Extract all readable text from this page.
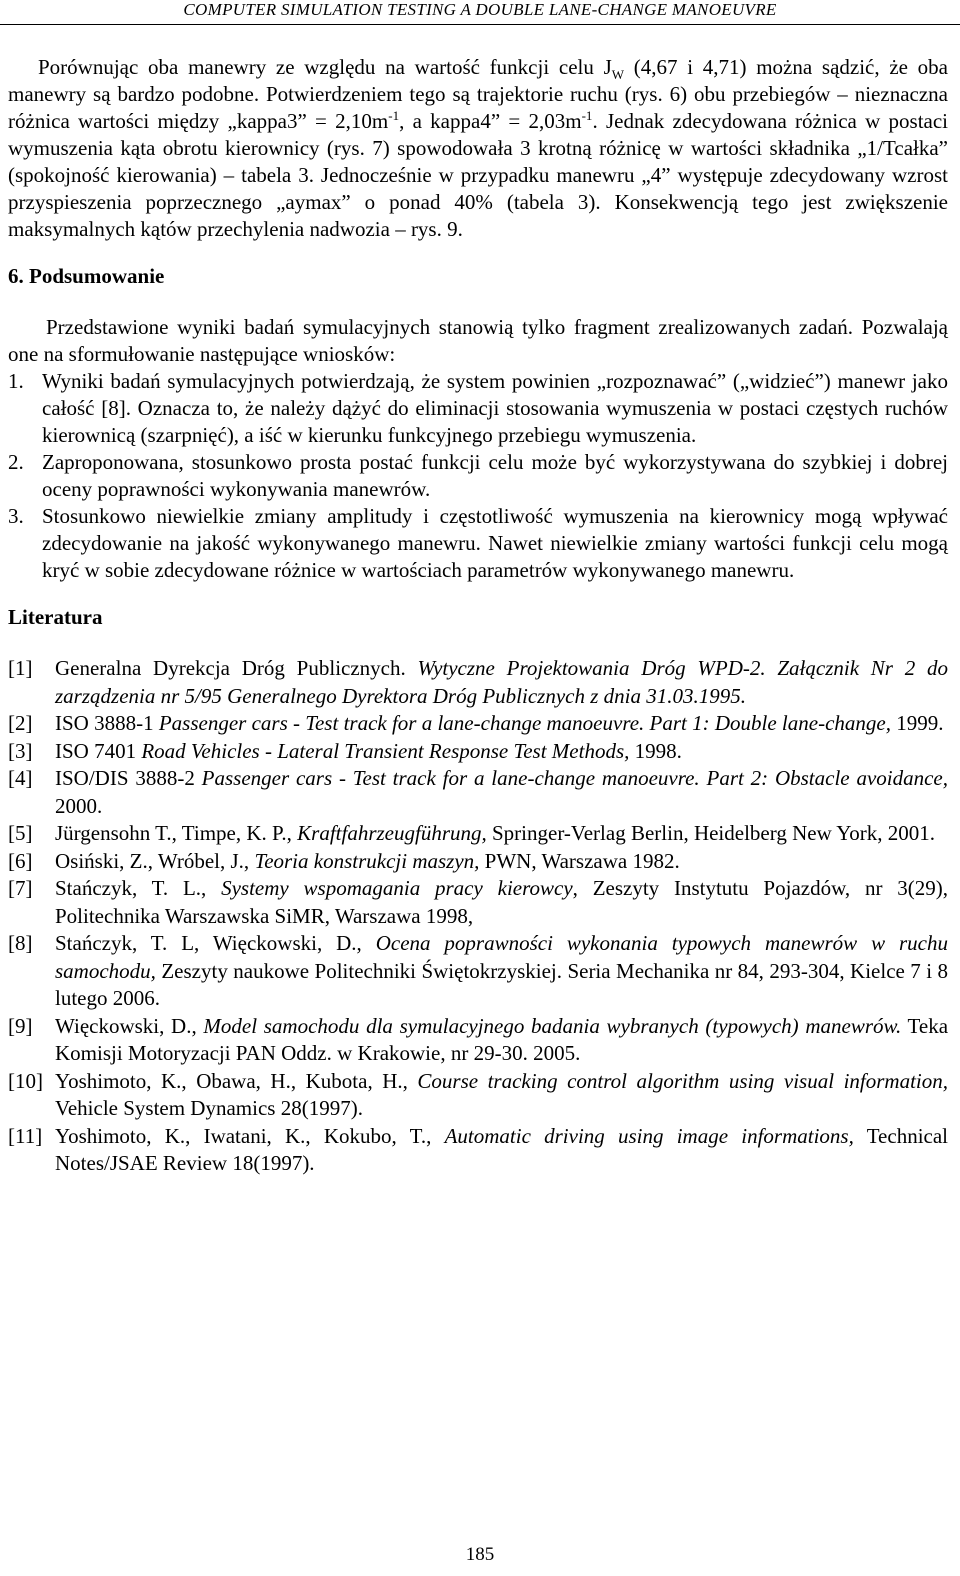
COMPUTER SIMULATION TESTING A DOUBLE LANE-CHANGE MANOEUVRE

Porównując oba manewry ze względu na wartość funkcji celu $J_W$ (4,67 i 4,71) można sądzić, że oba manewry są bardzo podobne. Potwierdzeniem tego są trajektorie ruchu (rys. 6) obu przebiegów – nieznaczna różnica wartości między „kappa3” = $2,10m^{-1}$, a kappa4” = $2,03m^{-1}$. Jednak zdecydowana różnica w postaci wymuszenia kąta obrotu kierownicy (rys. 7) spowodowała 3 krotną różnicę w wartości składnika „1/Tcałka” (spokojność kierowania) – tabela 3. Jednocześnie w przypadku manewru „4” występuje zdecydowany wzrost przyspieszenia poprzecznego „aymax” o ponad 40% (tabela 3). Konsekwencją tego jest zwiększenie maksymalnych kątów przechylenia nadwozia – rys. 9.

6. Podsumowanie

Przedstawione wyniki badań symulacyjnych stanowią tylko fragment zrealizowanych zadań. Pozwalają one na sformułowanie następujące wniosków:

1. Wyniki badań symulacyjnych potwierdzają, że system powinien „rozpoznawać” („widzieć”) manewr jako całość [8]. Oznacza to, że należy dążyć do eliminacji stosowania wymuszenia w postaci częstych ruchów kierownicą (szarpnięć), a iść w kierunku funkcyjnego przebiegu wymuszenia.
2. Zaproponowana, stosunkowo prosta postać funkcji celu może być wykorzystywana do szybkiej i dobrej oceny poprawności wykonywania manewrów.
3. Stosunkowo niewielkie zmiany amplitudy i częstotliwość wymuszenia na kierownicy mogą wpływać zdecydowanie na jakość wykonywanego manewru. Nawet niewielkie zmiany wartości funkcji celu mogą kryć w sobie zdecydowane różnice w wartościach parametrów wykonywanego manewru.
Literatura
[1] Generalna Dyrekcja Dróg Publicznych. Wytyczne Projektowania Dróg WPD-2. Załącznik Nr 2 do zarządzenia nr 5/95 Generalnego Dyrektora Dróg Publicznych z dnia 31.03.1995.
[2] ISO 3888-1 Passenger cars - Test track for a lane-change manoeuvre. Part 1: Double lane-change, 1999.
[3] ISO 7401 Road Vehicles - Lateral Transient Response Test Methods, 1998.
[4] ISO/DIS 3888-2 Passenger cars - Test track for a lane-change manoeuvre. Part 2: Obstacle avoidance, 2000.
[5] Jürgensohn T., Timpe, K. P., Kraftfahrzeugführung, Springer-Verlag Berlin, Heidelberg New York, 2001.
[6] Osiński, Z., Wróbel, J., Teoria konstrukcji maszyn, PWN, Warszawa 1982.
[7] Stańczyk, T. L., Systemy wspomagania pracy kierowcy, Zeszyty Instytutu Pojazdów, nr 3(29), Politechnika Warszawska SiMR, Warszawa 1998,
[8] Stańczyk, T. L, Więckowski, D., Ocena poprawności wykonania typowych manewrów w ruchu samochodu, Zeszyty naukowe Politechniki Świętokrzyskiej. Seria Mechanika nr 84, 293-304, Kielce 7 i 8 lutego 2006.
[9] Więckowski, D., Model samochodu dla symulacyjnego badania wybranych (typowych) manewrów. Teka Komisji Motoryzacji PAN Oddz. w Krakowie, nr 29-30. 2005.
[10] Yoshimoto, K., Obawa, H., Kubota, H., Course tracking control algorithm using visual information, Vehicle System Dynamics 28(1997).
[11] Yoshimoto, K., Iwatani, K., Kokubo, T., Automatic driving using image informations, Technical Notes/JSAE Review 18(1997).
185
